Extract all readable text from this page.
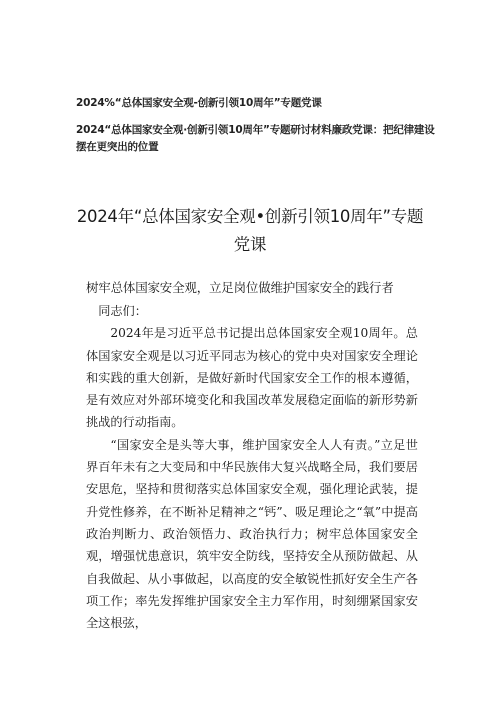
2024%“总体国家安全观-创新引领10周年”专题党课
2024“总体国家安全观·创新引领10周年”专题研讨材料廉政党课：把纪律建设摆在更突出的位置
2024年“总体国家安全观•创新引领10周年”专题党课
树牢总体国家安全观，立足岗位做维护国家安全的践行者

同志们：

2024年是习近平总书记提出总体国家安全观10周年。总体国家安全观是以习近平同志为核心的党中央对国家安全理论和实践的重大创新，是做好新时代国家安全工作的根本遵循，是有效应对外部环境变化和我国改革发展稳定面临的新形势新挑战的行动指南。

“国家安全是头等大事，维护国家安全人人有责。”立足世界百年未有之大变局和中华民族伟大复兴战略全局，我们要居安思危，坚持和贯彻落实总体国家安全观，强化理论武装，提升党性修养，在不断补足精神之“钙”、吸足理论之“氧”中提高政治判断力、政治领悟力、政治执行力；树牢总体国家安全观，增强忧患意识，筑牢安全防线，坚持安全从预防做起、从自我做起、从小事做起，以高度的安全敏锐性抓好安全生产各项工作；率先发挥维护国家安全主力军作用，时刻绷紧国家安全这根弦，
